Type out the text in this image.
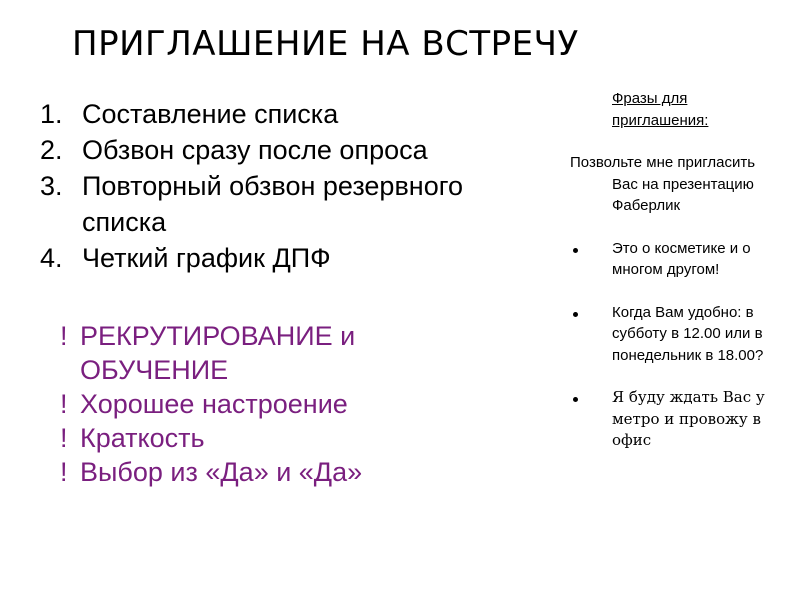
ПРИГЛАШЕНИЕ НА ВСТРЕЧУ
1. Составление списка
2. Обзвон сразу после опроса
3. Повторный обзвон резервного списка
4. Четкий график ДПФ
! РЕКРУТИРОВАНИЕ и ОБУЧЕНИЕ
! Хорошее настроение
! Краткость
! Выбор из «Да» и «Да»
Фразы для приглашения:
Позвольте мне пригласить Вас на презентацию Фаберлик
Это о косметике и о многом другом!
Когда Вам удобно: в субботу в 12.00 или в понедельник в 18.00?
Я буду ждать Вас у метро и провожу в офис
